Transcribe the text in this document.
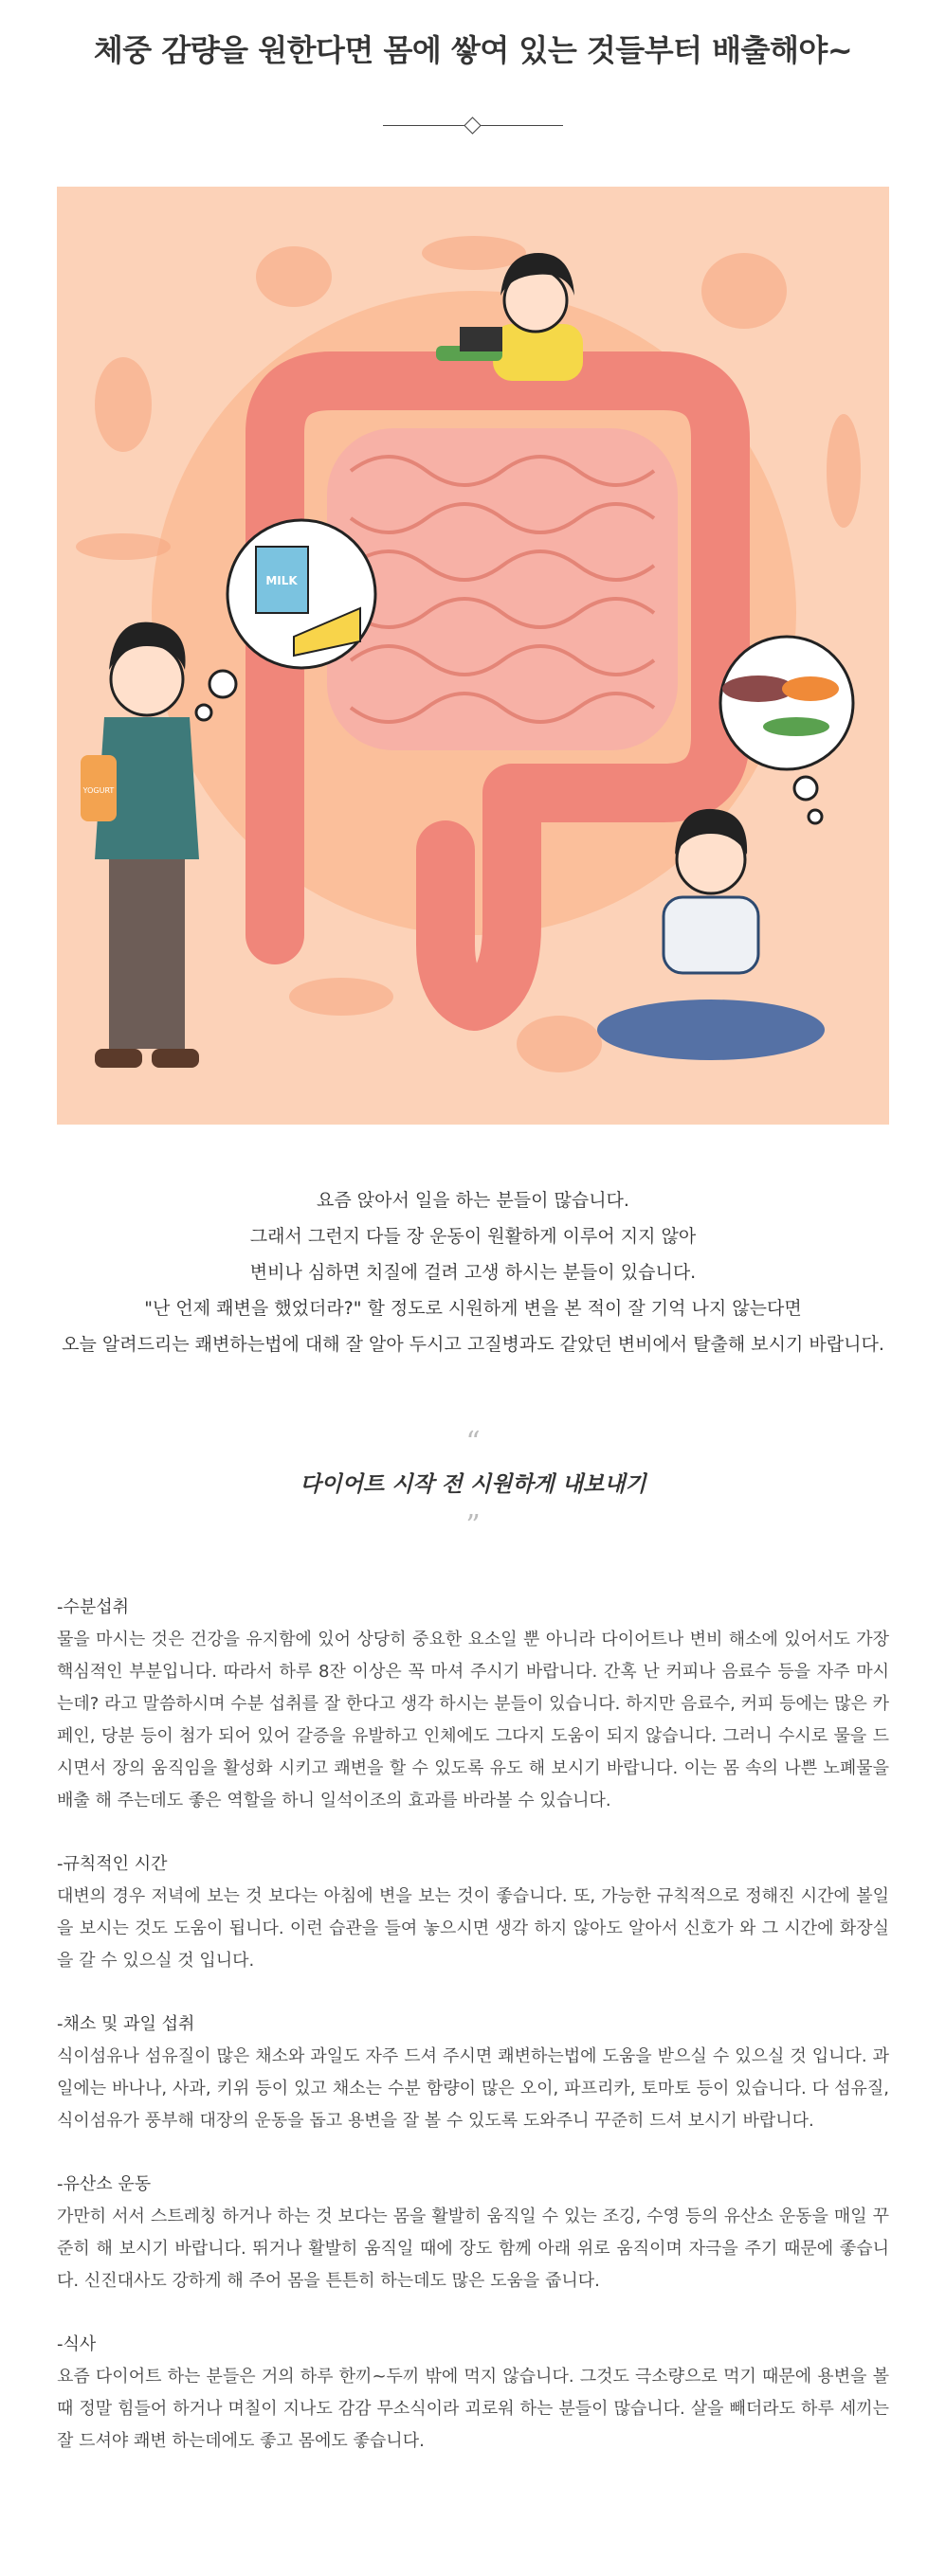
체중 감량을 원한다면 몸에 쌓여 있는 것들부터 배출해야~
YOGURT
MILK

요즘 앉아서 일을 하는 분들이 많습니다.

그래서 그런지 다들 장 운동이 원활하게 이루어 지지 않아

변비나 심하면 치질에 걸려 고생 하시는 분들이 있습니다.

"난 언제 쾌변을 했었더라?" 할 정도로 시원하게 변을 본 적이 잘 기억 나지 않는다면

오늘 알려드리는 쾌변하는법에 대해 잘 알아 두시고 고질병과도 같았던 변비에서 탈출해 보시기 바랍니다.

“
다이어트 시작 전 시원하게 내보내기
”
-수분섭취

물을 마시는 것은 건강을 유지함에 있어 상당히 중요한 요소일 뿐 아니라 다이어트나 변비 해소에 있어서도 가장 핵심적인 부분입니다. 따라서 하루 8잔 이상은 꼭 마셔 주시기 바랍니다. 간혹 난 커피나 음료수 등을 자주 마시는데? 라고 말씀하시며 수분 섭취를 잘 한다고 생각 하시는 분들이 있습니다. 하지만 음료수, 커피 등에는 많은 카페인, 당분 등이 첨가 되어 있어 갈증을 유발하고 인체에도 그다지 도움이 되지 않습니다. 그러니 수시로 물을 드시면서 장의 움직임을 활성화 시키고 쾌변을 할 수 있도록 유도 해 보시기 바랍니다. 이는 몸 속의 나쁜 노폐물을 배출 해 주는데도 좋은 역할을 하니 일석이조의 효과를 바라볼 수 있습니다.

-규칙적인 시간

대변의 경우 저녁에 보는 것 보다는 아침에 변을 보는 것이 좋습니다. 또, 가능한 규칙적으로 정해진 시간에 볼일을 보시는 것도 도움이 됩니다. 이런 습관을 들여 놓으시면 생각 하지 않아도 알아서 신호가 와 그 시간에 화장실을 갈 수 있으실 것 입니다.

-채소 및 과일 섭취

식이섬유나 섬유질이 많은 채소와 과일도 자주 드셔 주시면 쾌변하는법에 도움을 받으실 수 있으실 것 입니다. 과일에는 바나나, 사과, 키위 등이 있고 채소는 수분 함량이 많은 오이, 파프리카, 토마토 등이 있습니다. 다 섬유질, 식이섬유가 풍부해 대장의 운동을 돕고 용변을 잘 볼 수 있도록 도와주니 꾸준히 드셔 보시기 바랍니다.

-유산소 운동

가만히 서서 스트레칭 하거나 하는 것 보다는 몸을 활발히 움직일 수 있는 조깅, 수영 등의 유산소 운동을 매일 꾸준히 해 보시기 바랍니다. 뛰거나 활발히 움직일 때에 장도 함께 아래 위로 움직이며 자극을 주기 때문에 좋습니다. 신진대사도 강하게 해 주어 몸을 튼튼히 하는데도 많은 도움을 줍니다.

-식사

요즘 다이어트 하는 분들은 거의 하루 한끼~두끼 밖에 먹지 않습니다. 그것도 극소량으로 먹기 때문에 용변을 볼 때 정말 힘들어 하거나 며칠이 지나도 감감 무소식이라 괴로워 하는 분들이 많습니다. 살을 빼더라도 하루 세끼는 잘 드셔야 쾌변 하는데에도 좋고 몸에도 좋습니다.
